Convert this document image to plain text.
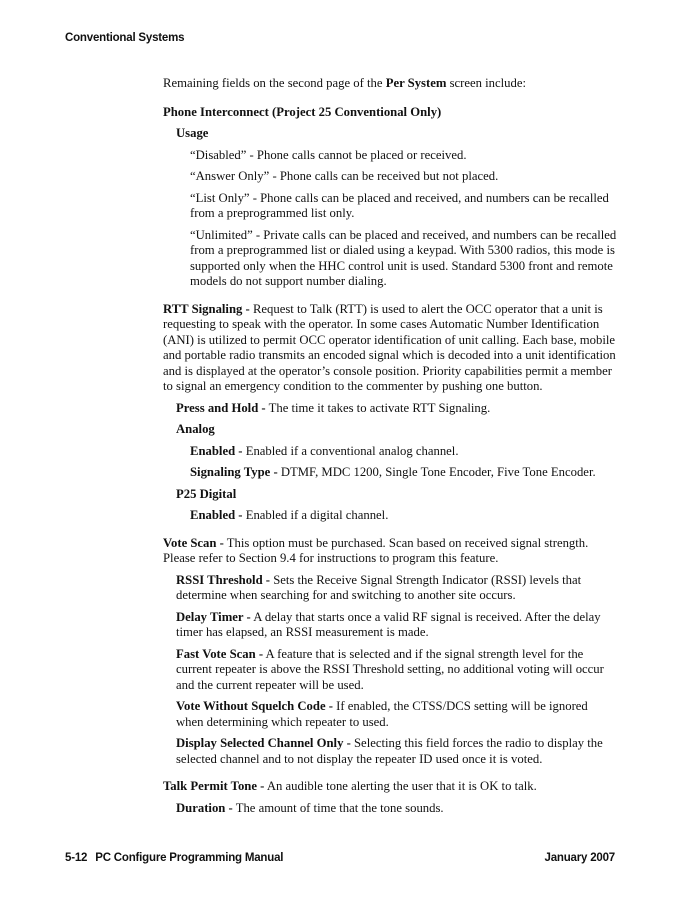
Conventional Systems

Remaining fields on the second page of the Per System screen include:

Phone Interconnect (Project 25 Conventional Only)

Usage

“Disabled” - Phone calls cannot be placed or received.

“Answer Only” - Phone calls can be received but not placed.

“List Only” - Phone calls can be placed and received, and numbers can be recalled from a preprogrammed list only.

“Unlimited” - Private calls can be placed and received, and numbers can be recalled from a preprogrammed list or dialed using a keypad. With 5300 radios, this mode is supported only when the HHC control unit is used. Standard 5300 front and remote models do not support number dialing.

RTT Signaling - Request to Talk (RTT) is used to alert the OCC operator that a unit is requesting to speak with the operator. In some cases Automatic Number Identification (ANI) is utilized to permit OCC operator identification of unit calling. Each base, mobile and portable radio transmits an encoded signal which is decoded into a unit identification and is displayed at the operator’s console position. Priority capabilities permit a member to signal an emergency condition to the commenter by pushing one button.

Press and Hold - The time it takes to activate RTT Signaling.

Analog

Enabled - Enabled if a conventional analog channel.

Signaling Type - DTMF, MDC 1200, Single Tone Encoder, Five Tone Encoder.

P25 Digital

Enabled - Enabled if a digital channel.

Vote Scan - This option must be purchased. Scan based on received signal strength. Please refer to Section 9.4 for instructions to program this feature.

RSSI Threshold - Sets the Receive Signal Strength Indicator (RSSI) levels that determine when searching for and switching to another site occurs.

Delay Timer - A delay that starts once a valid RF signal is received. After the delay timer has elapsed, an RSSI measurement is made.

Fast Vote Scan - A feature that is selected and if the signal strength level for the current repeater is above the RSSI Threshold setting, no additional voting will occur and the current repeater will be used.

Vote Without Squelch Code - If enabled, the CTSS/DCS setting will be ignored when determining which repeater to used.

Display Selected Channel Only - Selecting this field forces the radio to display the selected channel and to not display the repeater ID used once it is voted.

Talk Permit Tone - An audible tone alerting the user that it is OK to talk.

Duration - The amount of time that the tone sounds.

5-12 PC Configure Programming Manual	January 2007
